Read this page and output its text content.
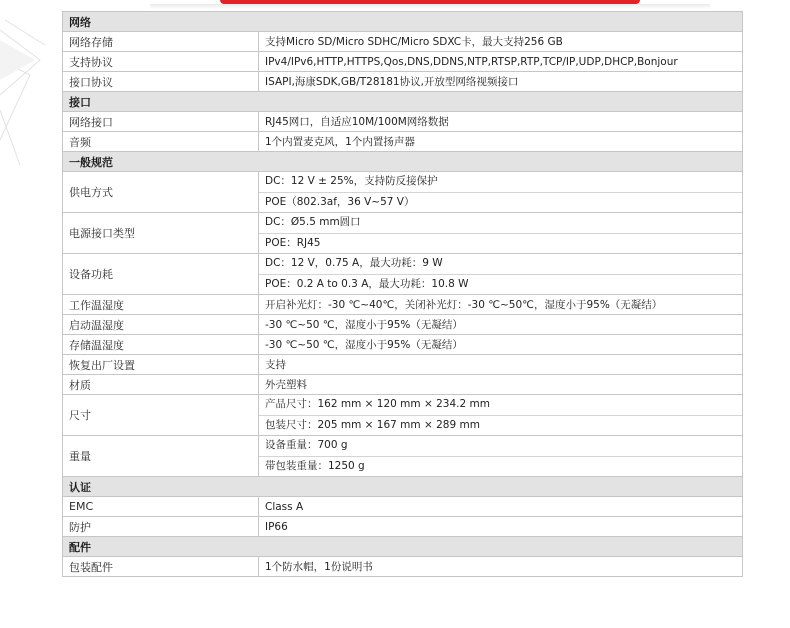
网络	
网络存储	支持Micro SD/Micro SDHC/Micro SDXC卡，最大支持256 GB
支持协议	IPv4/IPv6,HTTP,HTTPS,Qos,DNS,DDNS,NTP,RTSP,RTP,TCP/IP,UDP,DHCP,Bonjour
接口协议	ISAPI,海康SDK,GB/T28181协议,开放型网络视频接口
接口	
网络接口	RJ45网口，自适应10M/100M网络数据
音频	1个内置麦克风，1个内置扬声器
一般规范	
供电方式	DC：12 V ± 25%，支持防反接保护
POE（802.3af，36 V~57 V）

电源接口类型	DC：Ø5.5 mm圆口
POE：RJ45

设备功耗	DC：12 V，0.75 A，最大功耗：9 W
POE：0.2 A to 0.3 A，最大功耗：10.8 W

工作温湿度	开启补光灯：-30 ℃~40℃，关闭补光灯：-30 ℃~50℃，湿度小于95%（无凝结）
启动温湿度	-30 ℃~50 ℃，湿度小于95%（无凝结）
存储温湿度	-30 ℃~50 ℃，湿度小于95%（无凝结）
恢复出厂设置	支持
材质	外壳塑料
尺寸	产品尺寸：162 mm × 120 mm × 234.2 mm
包装尺寸：205 mm × 167 mm × 289 mm

重量	设备重量：700 g
带包装重量：1250 g

认证	
EMC	Class A
防护	IP66
配件	
包装配件	1个防水帽，1份说明书
